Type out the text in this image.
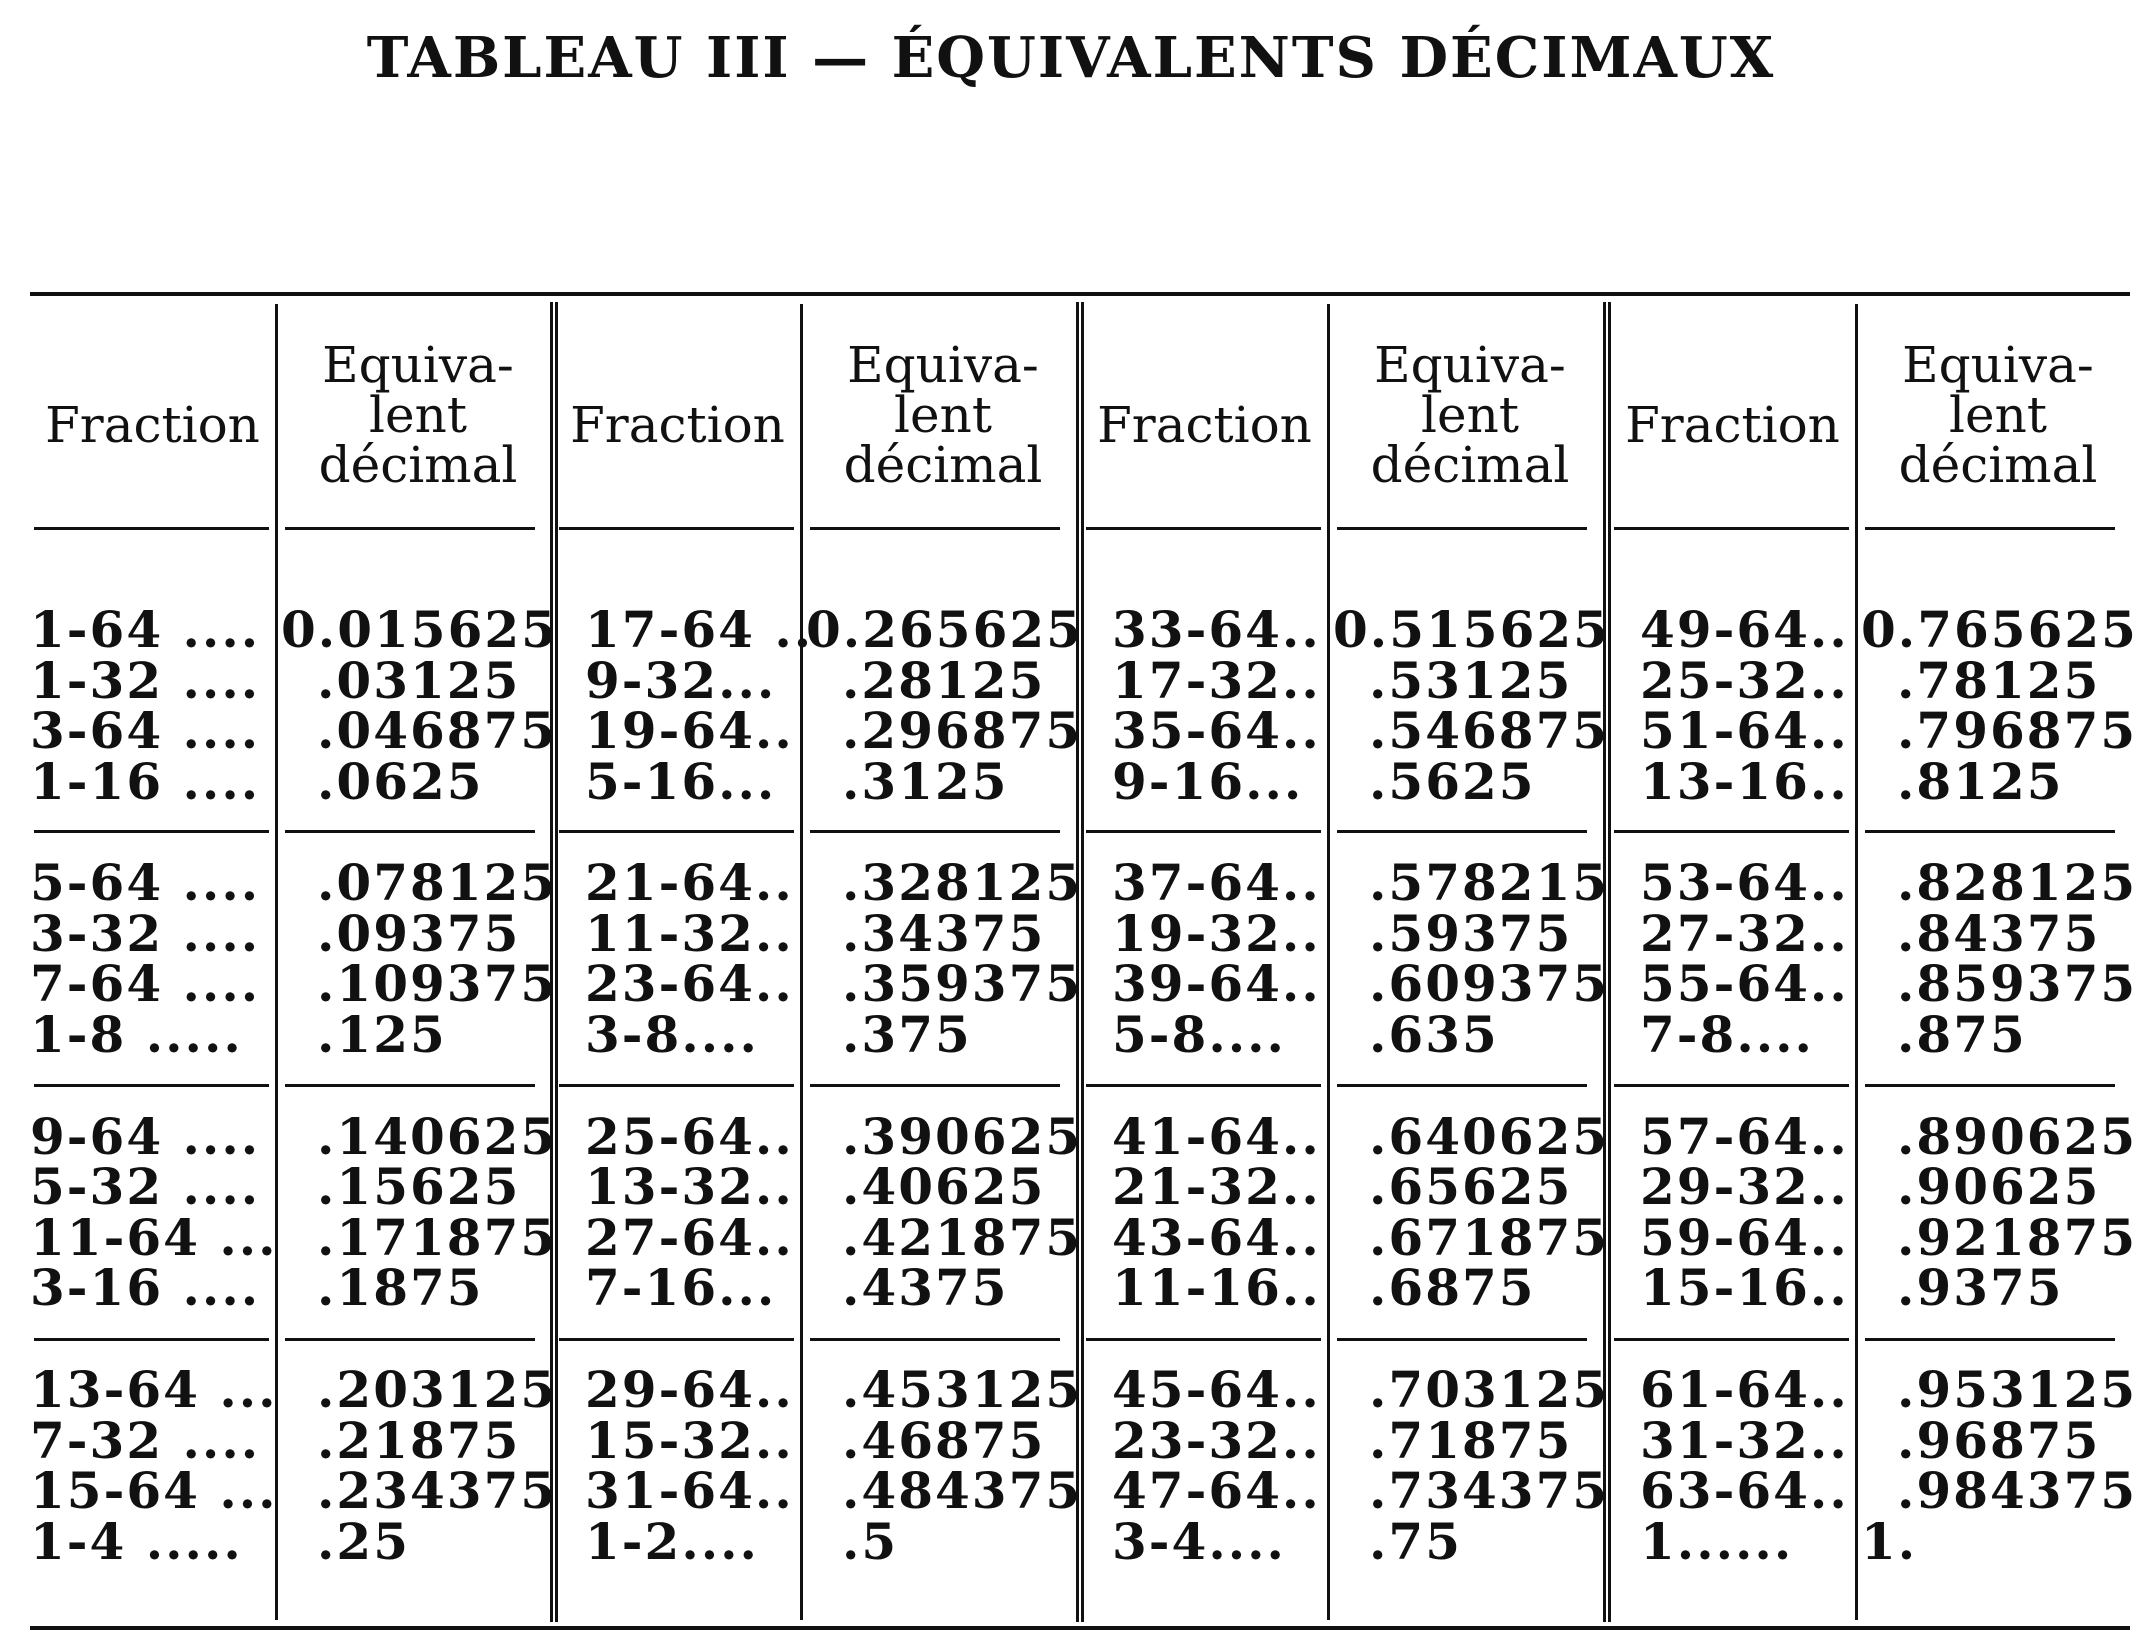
TABLEAU III — ÉQUIVALENTS DÉCIMAUX
Fraction
Equiva-
lent
décimal
1-64 .... 0.015625
1-32 .... .03125
3-64 .... .046875
1-16 .... .0625
5-64 .... .078125
3-32 .... .09375
7-64 .... .109375
1-8 ..... .125
9-64 .... .140625
5-32 .... .15625
11-64 ... .171875
3-16 .... .1875
13-64 ... .203125
7-32 .... .21875
15-64 ... .234375
1-4 ..... .25
Fraction
Equiva-
lent
décimal
17-64 ..
0.265625
9-32... .28125
19-64.. .296875
5-16... .3125
21-64.. .328125
11-32.. .34375
23-64.. .359375
3-8.... .375
25-64.. .390625
13-32.. .40625
27-64.. .421875
7-16... .4375
29-64.. .453125
15-32.. .46875
31-64.. .484375
1-2.... .5
Fraction
Equiva-
lent
décimal
33-64.. 0.515625
17-32.. .53125
35-64.. .546875
9-16... .5625
37-64.. .578215
19-32.. .59375
39-64.. .609375
5-8.... .635
41-64.. .640625
21-32.. .65625
43-64.. .671875
11-16.. .6875
45-64.. .703125
23-32.. .71875
47-64.. .734375
3-4.... .75
Fraction
Equiva-
lent
décimal
49-64.. 0.765625
25-32.. .78125
51-64.. .796875
13-16.. .8125
53-64.. .828125
27-32.. .84375
55-64.. .859375
7-8.... .875
57-64.. .890625
29-32.. .90625
59-64.. .921875
15-16.. .9375
61-64.. .953125
31-32.. .96875
63-64.. .984375
1...... 1.
